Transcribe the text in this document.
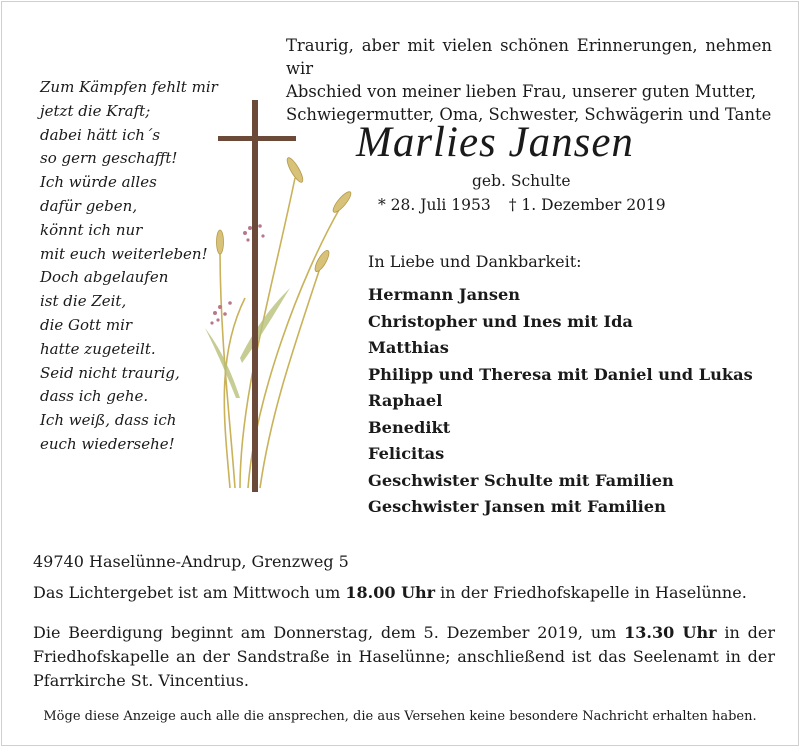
Traurig, aber mit vielen schönen Erinnerungen, nehmen wir
Abschied von meiner lieben Frau, unserer guten Mutter,
Schwiegermutter, Oma, Schwester, Schwägerin und Tante
Marlies Jansen
geb. Schulte
* 28. Juli 1953 † 1. Dezember 2019
Zum Kämpfen fehlt mir
jetzt die Kraft;
dabei hätt ich´s
so gern geschafft!
Ich würde alles
dafür geben,
könnt ich nur
mit euch weiterleben!
Doch abgelaufen
ist die Zeit,
die Gott mir
hatte zugeteilt.
Seid nicht traurig,
dass ich gehe.
Ich weiß, dass ich
euch wiedersehe!
In Liebe und Dankbarkeit:
Hermann Jansen
Christopher und Ines mit Ida
Matthias
Philipp und Theresa mit Daniel und Lukas
Raphael
Benedikt
Felicitas
Geschwister Schulte mit Familien
Geschwister Jansen mit Familien
49740 Haselünne-Andrup, Grenzweg 5
Das Lichtergebet ist am Mittwoch um 18.00 Uhr in der Friedhofskapelle in Haselünne.
Die Beerdigung beginnt am Donnerstag, dem 5. Dezember 2019, um 13.30 Uhr in der
Friedhofskapelle an der Sandstraße in Haselünne; anschließend ist das Seelenamt in der
Pfarrkirche St. Vincentius.
Möge diese Anzeige auch alle die ansprechen, die aus Versehen keine besondere Nachricht erhalten haben.
